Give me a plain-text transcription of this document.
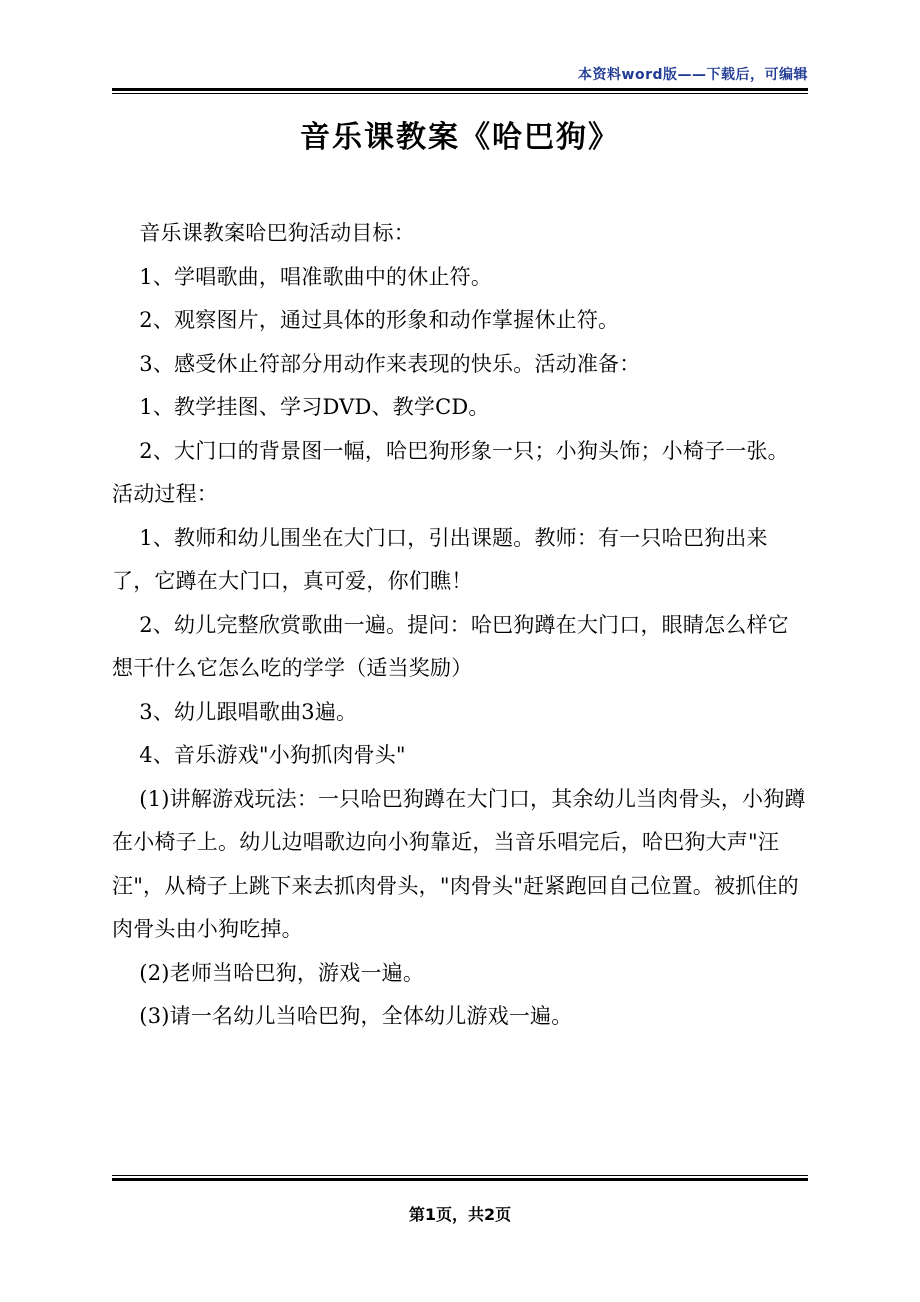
本资料word版——下载后，可编辑
音乐课教案《哈巴狗》

音乐课教案哈巴狗活动目标：

1、学唱歌曲，唱准歌曲中的休止符。

2、观察图片，通过具体的形象和动作掌握休止符。

3、感受休止符部分用动作来表现的快乐。活动准备：

1、教学挂图、学习DVD、教学CD。

2、大门口的背景图一幅，哈巴狗形象一只；小狗头饰；小椅子一张。活动过程：

1、教师和幼儿围坐在大门口，引出课题。教师：有一只哈巴狗出来了，它蹲在大门口，真可爱，你们瞧！

2、幼儿完整欣赏歌曲一遍。提问：哈巴狗蹲在大门口，眼睛怎么样它想干什么它怎么吃的学学（适当奖励）

3、幼儿跟唱歌曲3遍。

4、音乐游戏"小狗抓肉骨头"

(1)讲解游戏玩法：一只哈巴狗蹲在大门口，其余幼儿当肉骨头，小狗蹲在小椅子上。幼儿边唱歌边向小狗靠近，当音乐唱完后，哈巴狗大声"汪汪"，从椅子上跳下来去抓肉骨头，"肉骨头"赶紧跑回自己位置。被抓住的肉骨头由小狗吃掉。

(2)老师当哈巴狗，游戏一遍。

(3)请一名幼儿当哈巴狗，全体幼儿游戏一遍。

第1页，共2页
